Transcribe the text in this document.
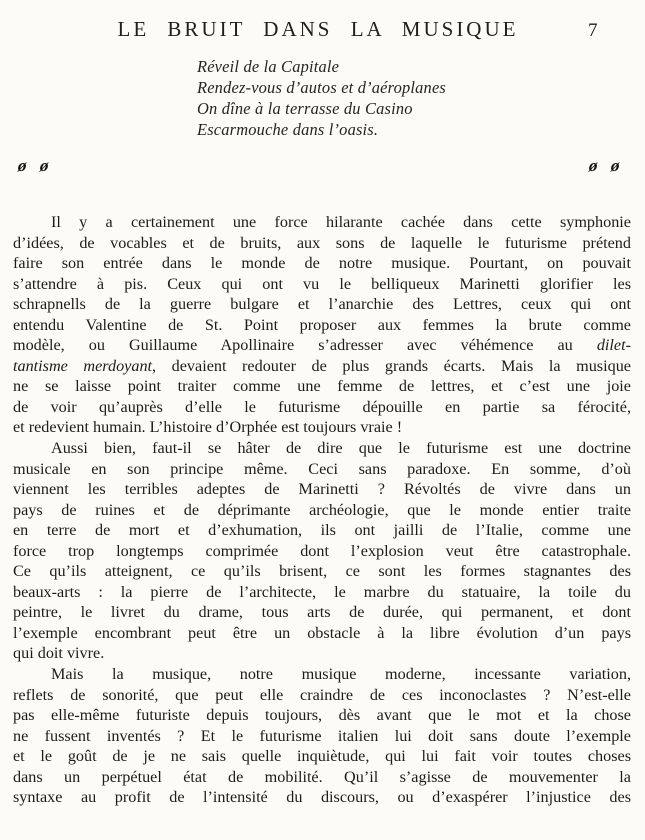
LE BRUIT DANS LA MUSIQUE	7
Réveil de la Capitale
Rendez-vous d’autos et d’aéroplanes
On dîne à la terrasse du Casino
Escarmouche dans l’oasis.
ø ø	ø ø
Il y a certainement une force hilarante cachée dans cette symphonie
d’idées, de vocables et de bruits, aux sons de laquelle le futurisme prétend
faire son entrée dans le monde de notre musique. Pourtant, on pouvait
s’attendre à pis. Ceux qui ont vu le belliqueux Marinetti glorifier les
schrapnells de la guerre bulgare et l’anarchie des Lettres, ceux qui ont
entendu Valentine de St. Point proposer aux femmes la brute comme
modèle, ou Guillaume Apollinaire s’adresser avec véhémence au dilet-
tantisme merdoyant, devaient redouter de plus grands écarts. Mais la musique
ne se laisse point traiter comme une femme de lettres, et c’est une joie
de voir qu’auprès d’elle le futurisme dépouille en partie sa férocité,
et redevient humain. L’histoire d’Orphée est toujours vraie !
Aussi bien, faut-il se hâter de dire que le futurisme est une doctrine
musicale en son principe même. Ceci sans paradoxe. En somme, d’où
viennent les terribles adeptes de Marinetti ? Révoltés de vivre dans un
pays de ruines et de déprimante archéologie, que le monde entier traite
en terre de mort et d’exhumation, ils ont jailli de l’Italie, comme une
force trop longtemps comprimée dont l’explosion veut être catastrophale.
Ce qu’ils atteignent, ce qu’ils brisent, ce sont les formes stagnantes des
beaux-arts : la pierre de l’architecte, le marbre du statuaire, la toile du
peintre, le livret du drame, tous arts de durée, qui permanent, et dont
l’exemple encombrant peut être un obstacle à la libre évolution d’un pays
qui doit vivre.
Mais la musique, notre musique moderne, incessante variation,
reflets de sonorité, que peut elle craindre de ces inconoclastes ? N’est-elle
pas elle-même futuriste depuis toujours, dès avant que le mot et la chose
ne fussent inventés ? Et le futurisme italien lui doit sans doute l’exemple
et le goût de je ne sais quelle inquiètude, qui lui fait voir toutes choses
dans un perpétuel état de mobilité. Qu’il s’agisse de mouvementer la
syntaxe au profit de l’intensité du discours, ou d’exaspérer l’injustice des
